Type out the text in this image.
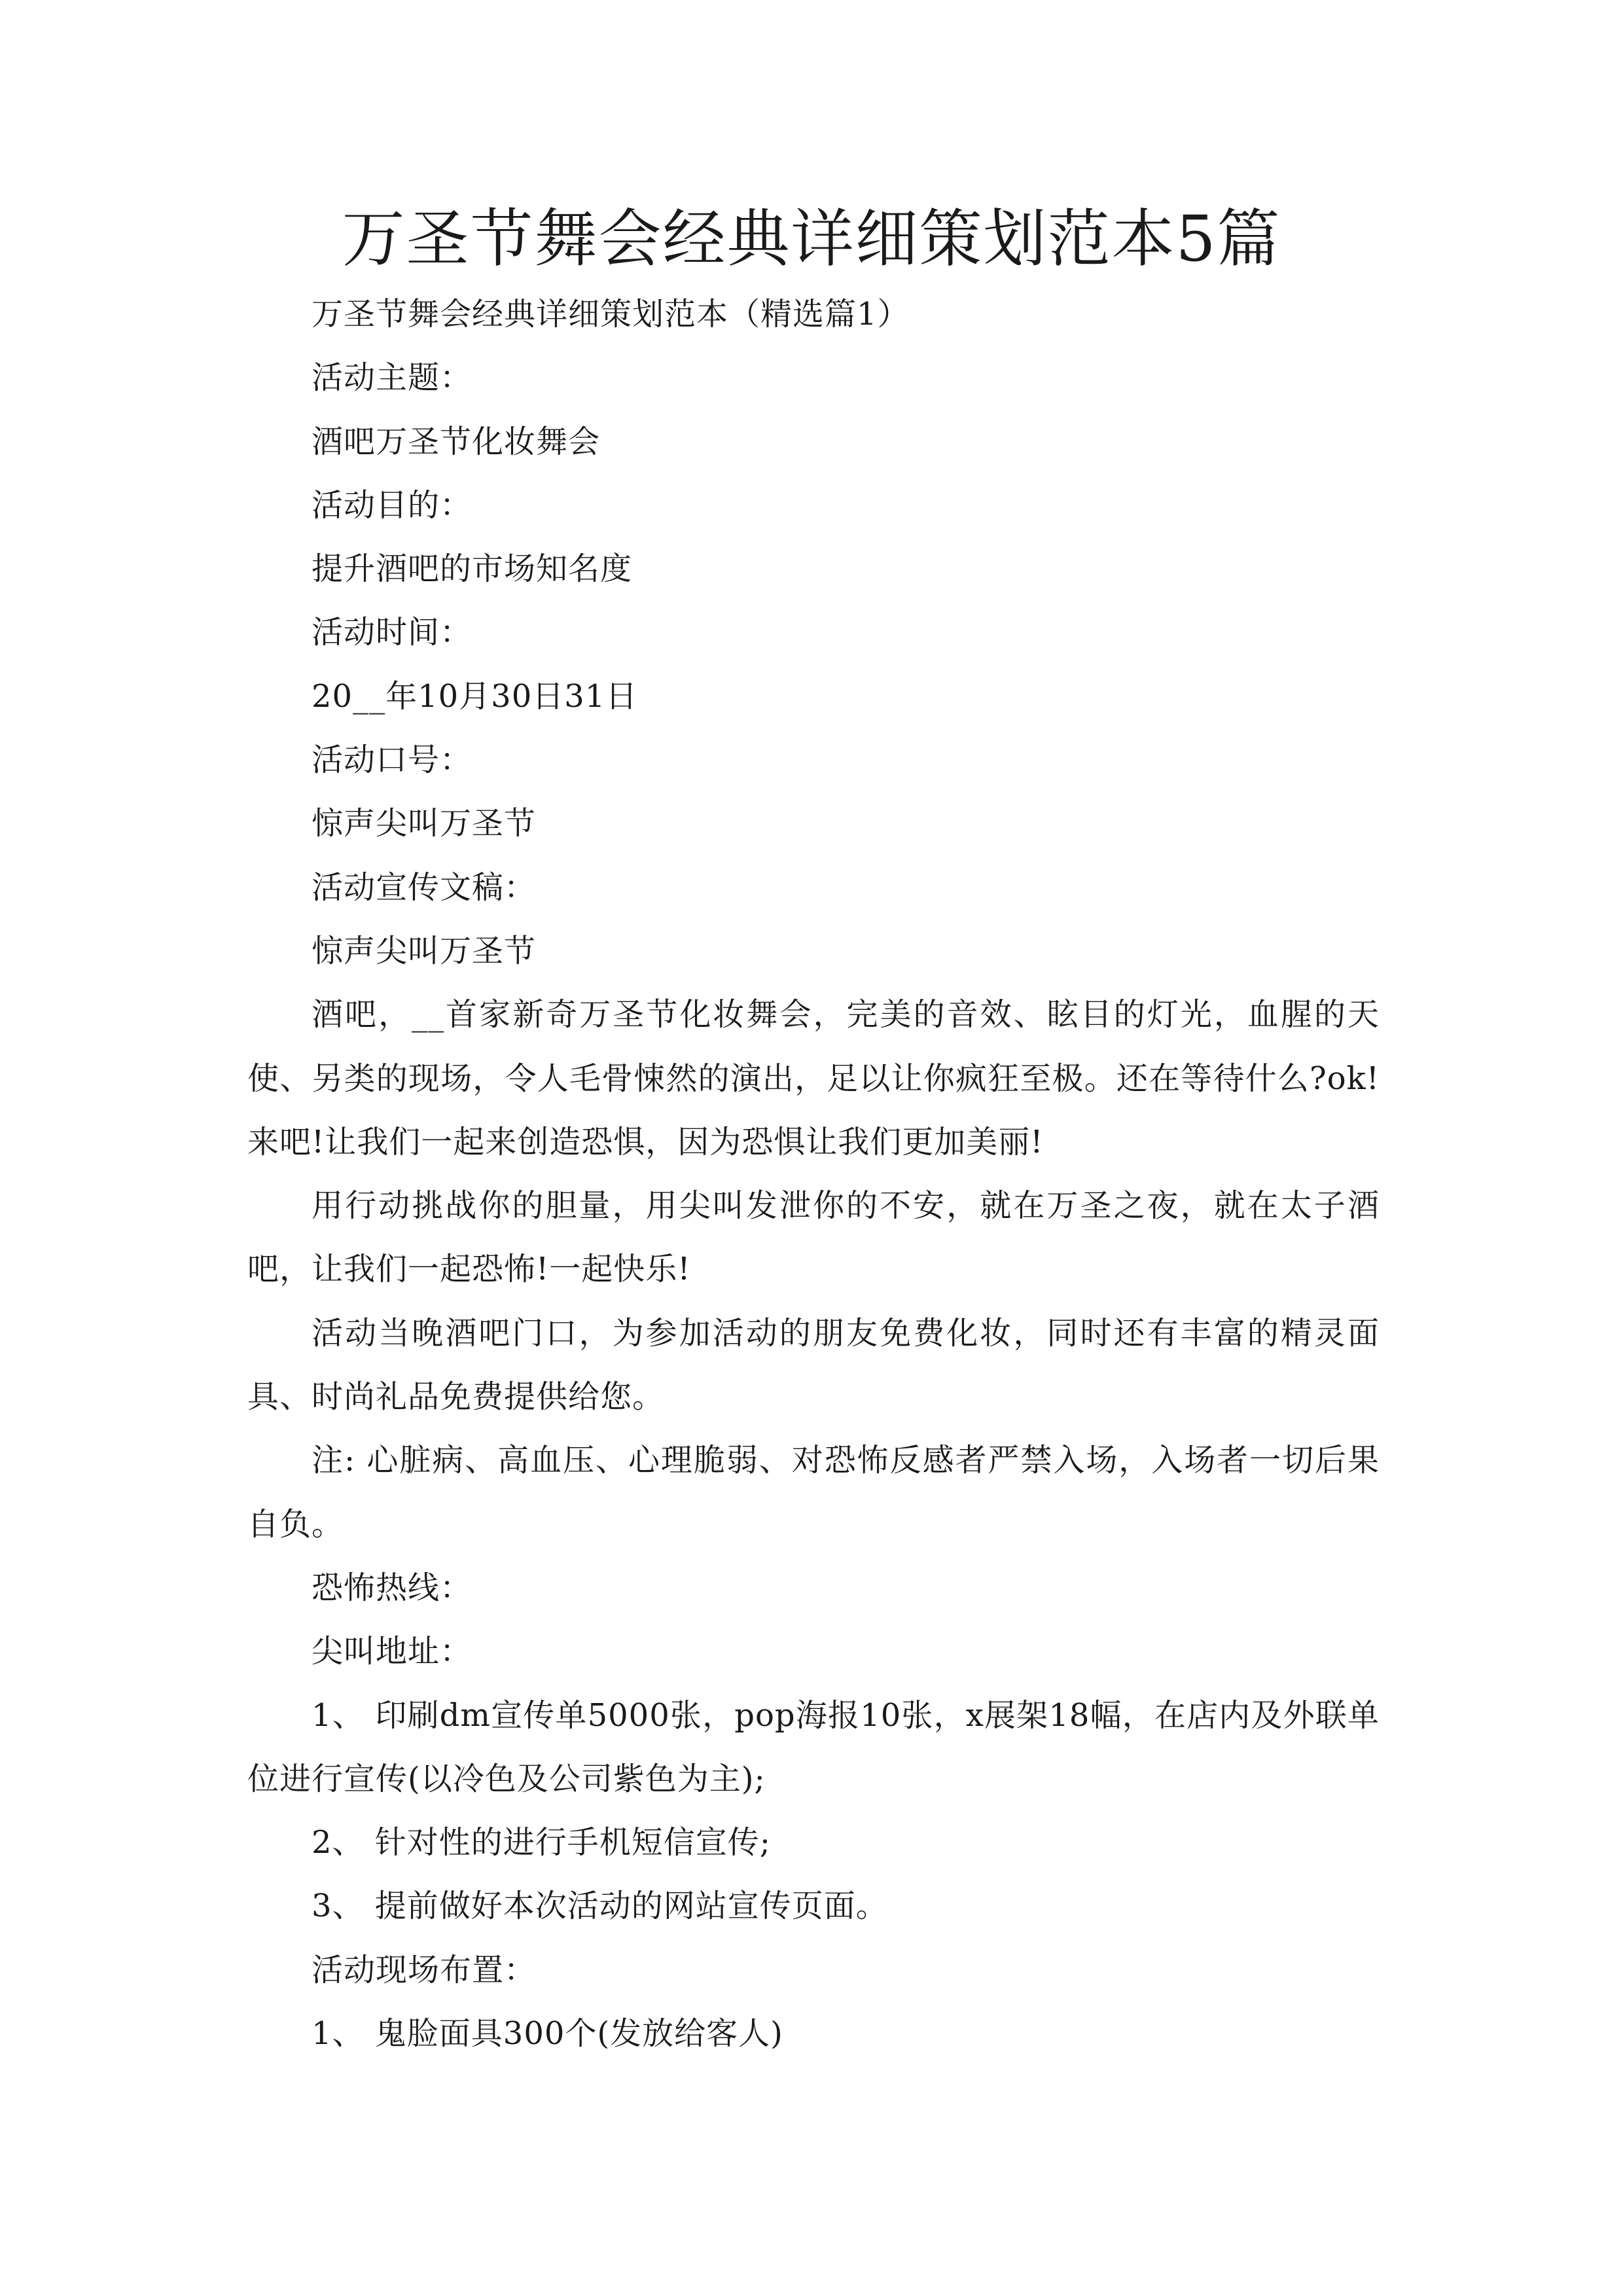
万圣节舞会经典详细策划范本5篇

万圣节舞会经典详细策划范本（精选篇1）

活动主题：

酒吧万圣节化妆舞会

活动目的：

提升酒吧的市场知名度

活动时间：

20__年10月30日31日

活动口号：

惊声尖叫万圣节

活动宣传文稿：

惊声尖叫万圣节

酒吧，__首家新奇万圣节化妆舞会，完美的音效、眩目的灯光，血腥的天使、另类的现场，令人毛骨悚然的演出，足以让你疯狂至极。还在等待什么?ok!来吧!让我们一起来创造恐惧，因为恐惧让我们更加美丽!

用行动挑战你的胆量，用尖叫发泄你的不安，就在万圣之夜，就在太子酒吧，让我们一起恐怖!一起快乐!

活动当晚酒吧门口，为参加活动的朋友免费化妆，同时还有丰富的精灵面具、时尚礼品免费提供给您。

注: 心脏病、高血压、心理脆弱、对恐怖反感者严禁入场，入场者一切后果自负。

恐怖热线：

尖叫地址：

1、 印刷dm宣传单5000张，pop海报10张，x展架18幅，在店内及外联单位进行宣传(以冷色及公司紫色为主);

2、 针对性的进行手机短信宣传;

3、 提前做好本次活动的网站宣传页面。

活动现场布置：

1、 鬼脸面具300个(发放给客人)
